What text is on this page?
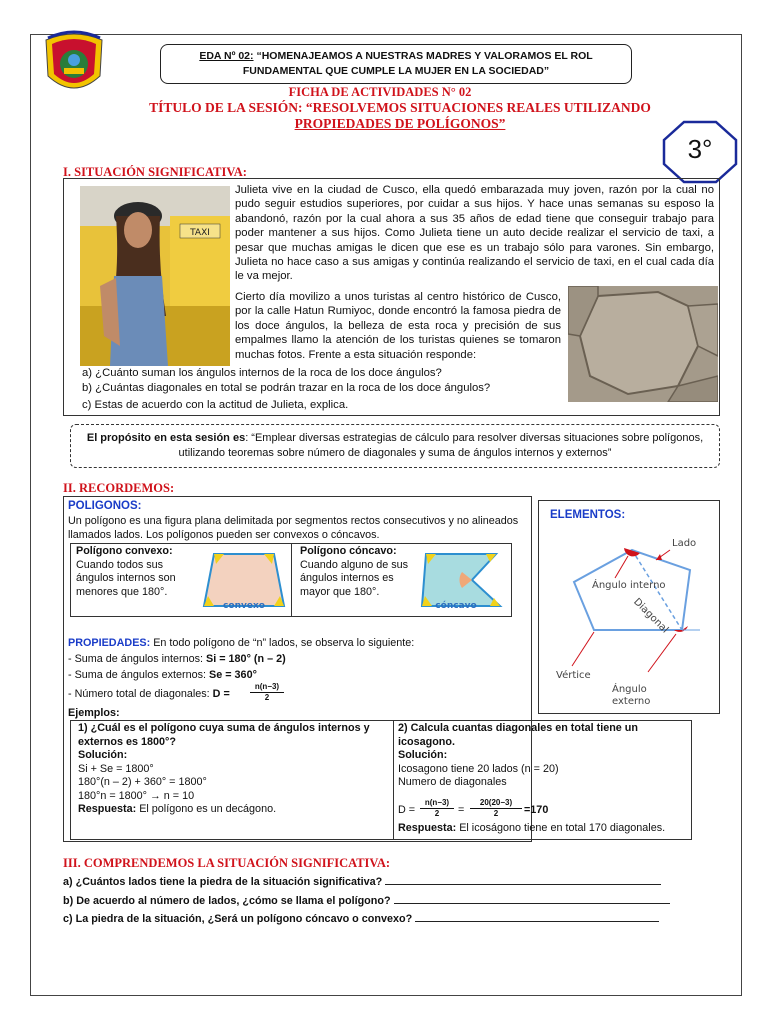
EDA Nº 02: “HOMENAJEAMOS A NUESTRAS MADRES Y VALORAMOS EL ROL
FUNDAMENTAL QUE CUMPLE LA MUJER EN LA SOCIEDAD”
FICHA DE ACTIVIDADES N° 02
TÍTULO DE LA SESIÓN: “RESOLVEMOS SITUACIONES REALES UTILIZANDO
PROPIEDADES DE POLÍGONOS”
3°
I. SITUACIÓN SIGNIFICATIVA:
TAXI
Julieta vive en la ciudad de Cusco, ella quedó embarazada muy joven, razón por la cual no pudo seguir estudios superiores, por cuidar a sus hijos. Y hace unas semanas su esposo la abandonó, razón por la cual ahora a sus 35 años de edad tiene que conseguir trabajo para poder mantener a sus hijos. Como Julieta tiene un auto decide realizar el servicio de taxi, a pesar que muchas amigas le dicen que ese es un trabajo sólo para varones. Sin embargo, Julieta no hace caso a sus amigas y continúa realizando el servicio de taxi, en el cual cada día le va mejor.
Cierto día movilizo a unos turistas al centro histórico de Cusco, por la calle Hatun Rumiyoc, donde encontró la famosa piedra de los doce ángulos, la belleza de esta roca y precisión de sus empalmes llamo la atención de los turistas quienes se tomaron muchas fotos. Frente a esta situación responde:
a) ¿Cuánto suman los ángulos internos de la roca de los doce ángulos?
b) ¿Cuántas diagonales en total se podrán trazar en la roca de los doce ángulos?
c) Estas de acuerdo con la actitud de Julieta, explica.
El propósito en esta sesión es: “Emplear diversas estrategias de cálculo para resolver diversas situaciones sobre polígonos, utilizando teoremas sobre número de diagonales y suma de ángulos internos y externos”
II. RECORDEMOS:
POLIGONOS:
Un polígono es una figura plana delimitada por segmentos rectos consecutivos y no alineados llamados lados. Los polígonos pueden ser convexos o cóncavos.
Polígono convexo:
Cuando todos sus ángulos internos son menores que 180°.
convexo
Polígono cóncavo:
Cuando alguno de sus ángulos internos es mayor que 180°.
cóncavo
PROPIEDADES: En todo polígono de “n” lados, se observa lo siguiente:
- Suma de ángulos internos: Si = 180° (n – 2)
- Suma de ángulos externos: Se = 360°
- Número total de diagonales: D =	$\frac{n(n-3)}{2}$
Ejemplos:
1) ¿Cuál es el polígono cuya suma de ángulos internos y externos es 1800°?
Solución:
Si + Se = 1800°
180°(n – 2) + 360° = 1800°
180°n = 1800° → n = 10
Respuesta: El polígono es un decágono.
2) Calcula cuantas diagonales en total tiene un icosagono.
Solución:
Icosagono tiene 20 lados (n = 20)
Numero de diagonales
$D = \frac{n(n-3)}{2} = \frac{20(20-3)}{2} =170$
Respuesta: El icoságono tiene en total 170 diagonales.
ELEMENTOS:
Lado
Ángulo interno
Diagonal
Vértice
Ángulo
externo
III. COMPRENDEMOS LA SITUACIÓN SIGNIFICATIVA:
a) ¿Cuántos lados tiene la piedra de la situación significativa?
b) De acuerdo al número de lados, ¿cómo se llama el polígono?
c) La piedra de la situación, ¿Será un polígono cóncavo o convexo?
